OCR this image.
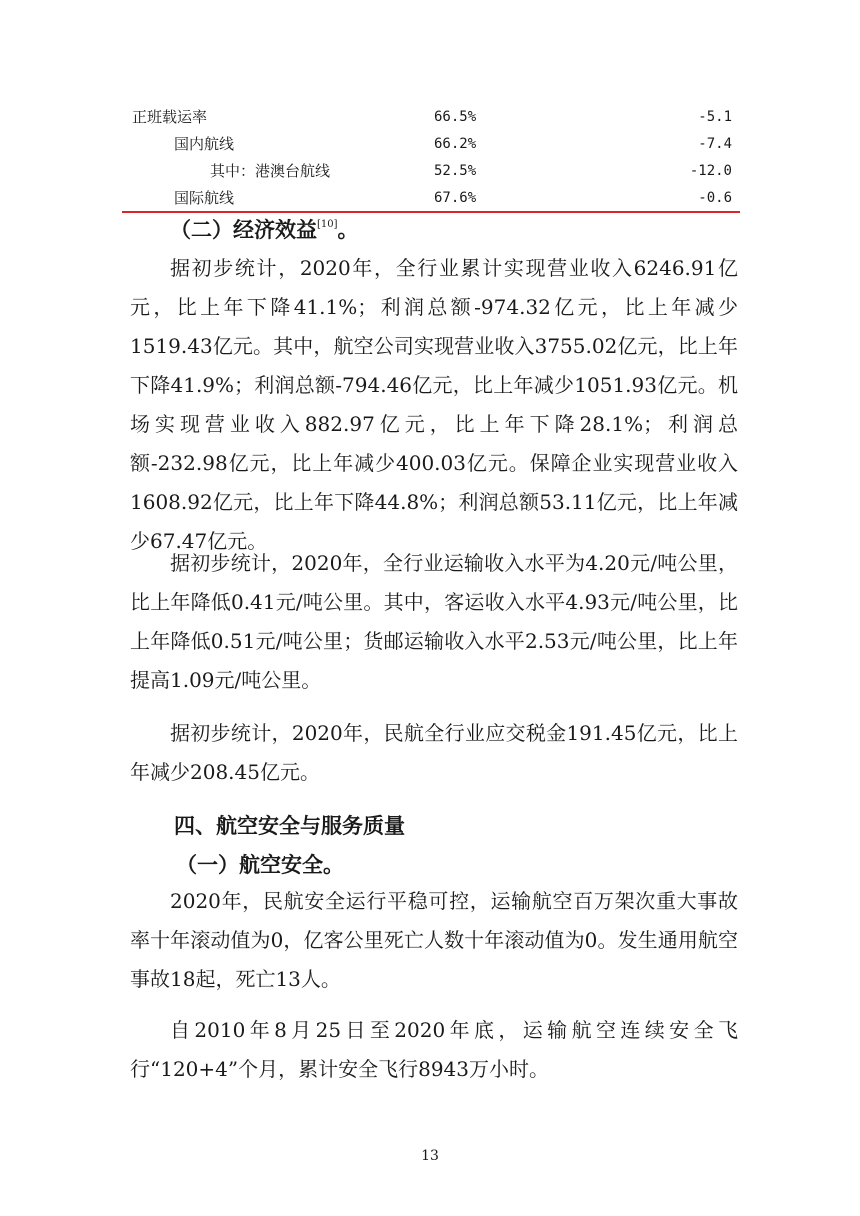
正班载运率	66.5%	-5.1
国内航线	66.2%	-7.4
其中：港澳台航线	52.5%	-12.0
国际航线	67.6%	-0.6
（二）经济效益[10]。

据初步统计，2020年，全行业累计实现营业收入6246.91亿元，比上年下降41.1%；利润总额-974.32亿元，比上年减少1519.43亿元。其中，航空公司实现营业收入3755.02亿元，比上年下降41.9%；利润总额-794.46亿元，比上年减少1051.93亿元。机场实现营业收入882.97亿元，比上年下降28.1%；利润总额-232.98亿元，比上年减少400.03亿元。保障企业实现营业收入1608.92亿元，比上年下降44.8%；利润总额53.11亿元，比上年减少67.47亿元。

据初步统计，2020年，全行业运输收入水平为4.20元/吨公里，比上年降低0.41元/吨公里。其中，客运收入水平4.93元/吨公里，比上年降低0.51元/吨公里；货邮运输收入水平2.53元/吨公里，比上年提高1.09元/吨公里。

据初步统计，2020年，民航全行业应交税金191.45亿元，比上年减少208.45亿元。

四、航空安全与服务质量
（一）航空安全。

2020年，民航安全运行平稳可控，运输航空百万架次重大事故率十年滚动值为0，亿客公里死亡人数十年滚动值为0。发生通用航空事故18起，死亡13人。

自2010年8月25日至2020年底，运输航空连续安全飞行“120+4”个月，累计安全飞行8943万小时。

13
